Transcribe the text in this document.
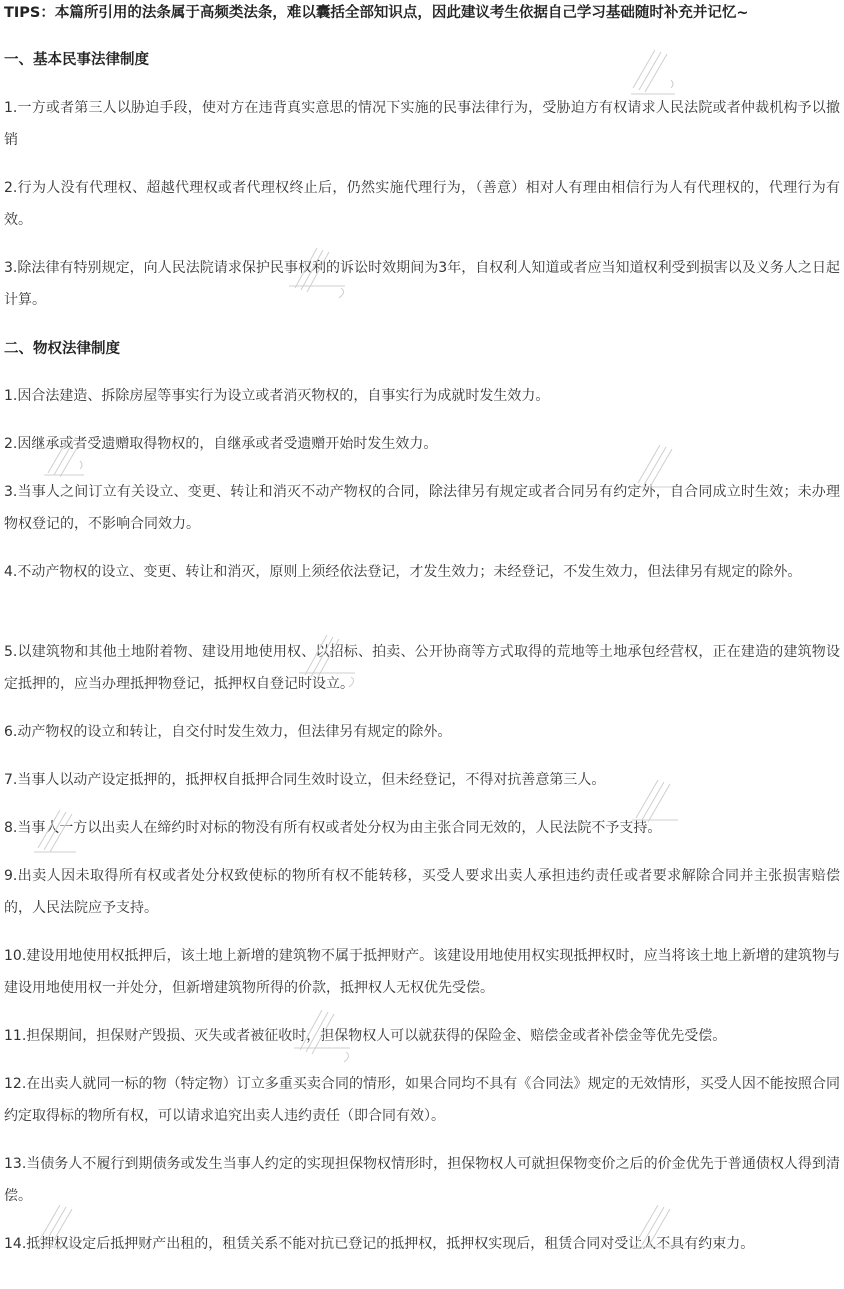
TIPS：本篇所引用的法条属于高频类法条，难以囊括全部知识点，因此建议考生依据自己学习基础随时补充并记忆~
一、基本民事法律制度
1.一方或者第三人以胁迫手段，使对方在违背真实意思的情况下实施的民事法律行为，受胁迫方有权请求人民法院或者仲裁机构予以撤销
2.行为人没有代理权、超越代理权或者代理权终止后，仍然实施代理行为，（善意）相对人有理由相信行为人有代理权的，代理行为有效。
3.除法律有特别规定，向人民法院请求保护民事权利的诉讼时效期间为3年，自权利人知道或者应当知道权利受到损害以及义务人之日起计算。
二、物权法律制度
1.因合法建造、拆除房屋等事实行为设立或者消灭物权的，自事实行为成就时发生效力。
2.因继承或者受遗赠取得物权的，自继承或者受遗赠开始时发生效力。
3.当事人之间订立有关设立、变更、转让和消灭不动产物权的合同，除法律另有规定或者合同另有约定外，自合同成立时生效；未办理物权登记的，不影响合同效力。
4.不动产物权的设立、变更、转让和消灭，原则上须经依法登记，才发生效力；未经登记，不发生效力，但法律另有规定的除外。
5.以建筑物和其他土地附着物、建设用地使用权、以招标、拍卖、公开协商等方式取得的荒地等土地承包经营权，正在建造的建筑物设定抵押的，应当办理抵押物登记，抵押权自登记时设立。
6.动产物权的设立和转让，自交付时发生效力，但法律另有规定的除外。
7.当事人以动产设定抵押的，抵押权自抵押合同生效时设立，但未经登记，不得对抗善意第三人。
8.当事人一方以出卖人在缔约时对标的物没有所有权或者处分权为由主张合同无效的，人民法院不予支持。
9.出卖人因未取得所有权或者处分权致使标的物所有权不能转移，买受人要求出卖人承担违约责任或者要求解除合同并主张损害赔偿的，人民法院应予支持。
10.建设用地使用权抵押后，该土地上新增的建筑物不属于抵押财产。该建设用地使用权实现抵押权时，应当将该土地上新增的建筑物与建设用地使用权一并处分，但新增建筑物所得的价款，抵押权人无权优先受偿。
11.担保期间，担保财产毁损、灭失或者被征收时，担保物权人可以就获得的保险金、赔偿金或者补偿金等优先受偿。
12.在出卖人就同一标的物（特定物）订立多重买卖合同的情形，如果合同均不具有《合同法》规定的无效情形，买受人因不能按照合同约定取得标的物所有权，可以请求追究出卖人违约责任（即合同有效）。
13.当债务人不履行到期债务或发生当事人约定的实现担保物权情形时，担保物权人可就担保物变价之后的价金优先于普通债权人得到清偿。
14.抵押权设定后抵押财产出租的，租赁关系不能对抗已登记的抵押权，抵押权实现后，租赁合同对受让人不具有约束力。
